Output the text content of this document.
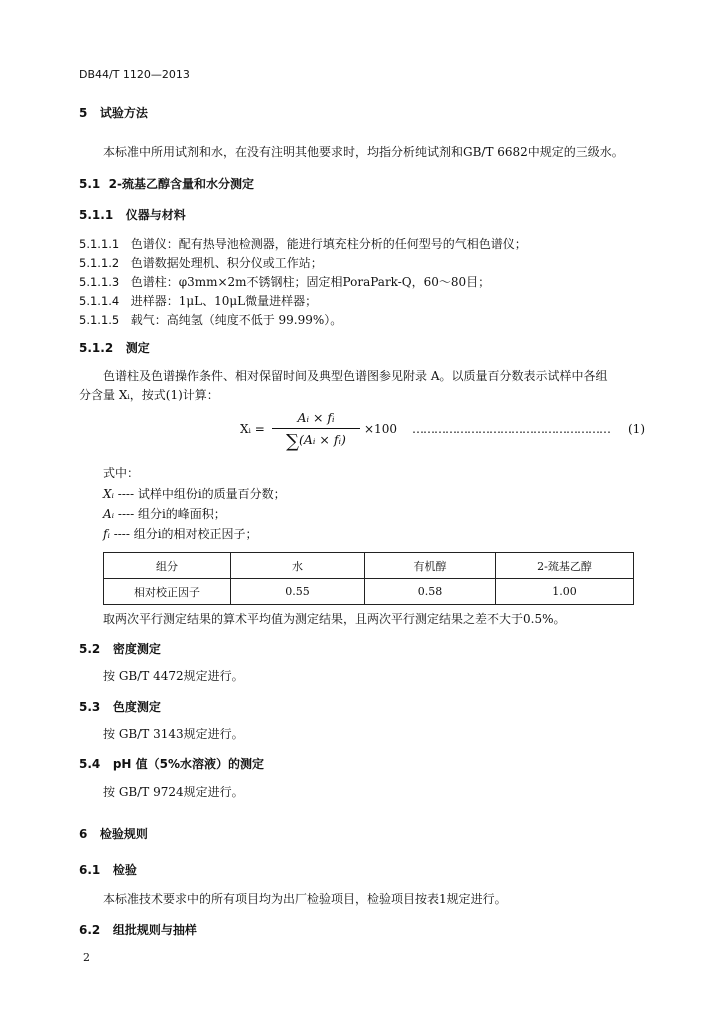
DB44/T 1120—2013
5 试验方法
本标准中所用试剂和水，在没有注明其他要求时，均指分析纯试剂和GB/T 6682中规定的三级水。
5.1 2-巯基乙醇含量和水分测定
5.1.1 仪器与材料
5.1.1.1 色谱仪：配有热导池检测器，能进行填充柱分析的任何型号的气相色谱仪；
5.1.1.2 色谱数据处理机、积分仪或工作站；
5.1.1.3 色谱柱：φ3mm×2m不锈钢柱；固定相PoraPark-Q，60～80目；
5.1.1.4 进样器：1μL、10μL微量进样器；
5.1.1.5 载气：高纯氢（纯度不低于 99.99%）。
5.1.2 测定
色谱柱及色谱操作条件、相对保留时间及典型色谱图参见附录 A。以质量百分数表示试样中各组
分含量 Xᵢ，按式(1)计算：
Xᵢ =
Aᵢ × fᵢ
∑(Aᵢ × fᵢ)
×100 ……………………………………………… (1)
式中：
Xᵢ ---- 试样中组份i的质量百分数；
Aᵢ ---- 组分i的峰面积；
fᵢ ---- 组分i的相对校正因子；
组分	水	有机醇	2-巯基乙醇
相对校正因子	0.55	0.58	1.00
取两次平行测定结果的算术平均值为测定结果，且两次平行测定结果之差不大于0.5%。
5.2 密度测定
按 GB/T 4472规定进行。
5.3 色度测定
按 GB/T 3143规定进行。
5.4 pH 值（5%水溶液）的测定
按 GB/T 9724规定进行。
6 检验规则
6.1 检验
本标准技术要求中的所有项目均为出厂检验项目，检验项目按表1规定进行。
6.2 组批规则与抽样
2
